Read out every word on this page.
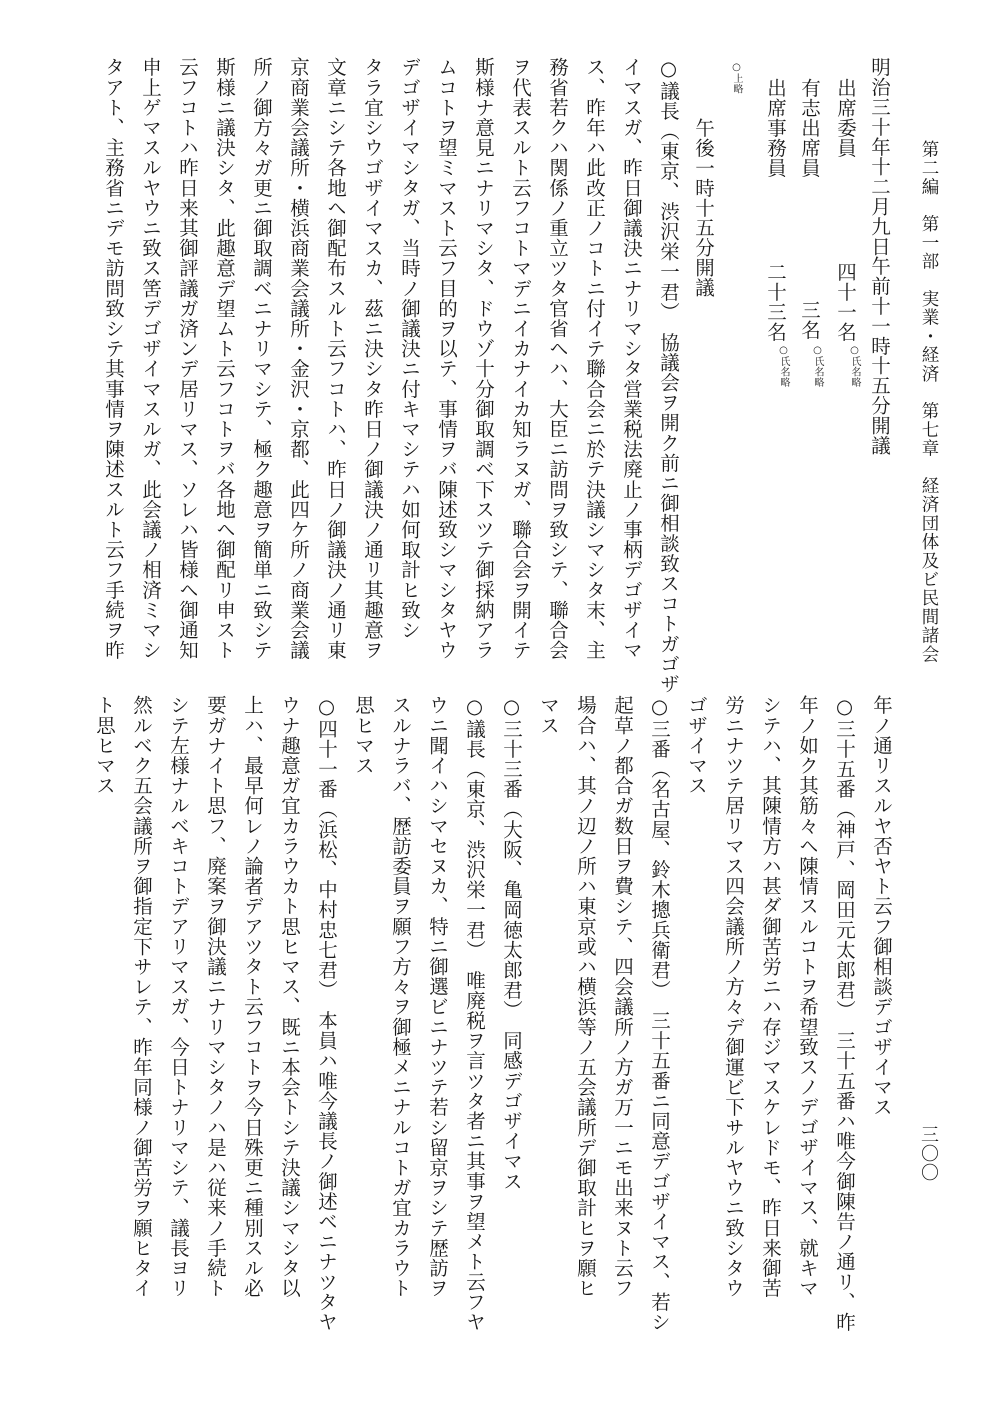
第二編　第一部　実業・経済　第七章　経済団体及ビ民間諸会
三〇〇
明治三十年十二月九日午前十一時十五分開議
出席委員
四十一名
○氏名略
有志出席員
三名
○氏名略
出席事務員
二十三名
○氏名略
○上略
午後一時十五分開議
○議長（東京、渋沢栄一君）　協議会ヲ開ク前ニ御相談致スコトガゴザ
イマスガ、昨日御議決ニナリマシタ営業税法廃止ノ事柄デゴザイマ
ス、昨年ハ此改正ノコトニ付イテ聯合会ニ於テ決議シマシタ末、主
務省若クハ関係ノ重立ツタ官省ヘハ、大臣ニ訪問ヲ致シテ、聯合会
ヲ代表スルト云フコトマデニイカナイカ知ラヌガ、聯合会ヲ開イテ
斯様ナ意見ニナリマシタ、ドウゾ十分御取調ベ下スツテ御採納アラ
ムコトヲ望ミマスト云フ目的ヲ以テ、事情ヲバ陳述致シマシタヤウ
デゴザイマシタガ、当時ノ御議決ニ付キマシテハ如何取計ヒ致シ
タラ宜シウゴザイマスカ、茲ニ決シタ昨日ノ御議決ノ通リ其趣意ヲ
文章ニシテ各地ヘ御配布スルト云フコトハ、昨日ノ御議決ノ通リ東
京商業会議所・横浜商業会議所・金沢・京都、此四ケ所ノ商業会議
所ノ御方々ガ更ニ御取調ベニナリマシテ、極ク趣意ヲ簡単ニ致シテ
斯様ニ議決シタ、此趣意デ望ムト云フコトヲバ各地ヘ御配リ申スト
云フコトハ昨日来其御評議ガ済ンデ居リマス、ソレハ皆様ヘ御通知
申上ゲマスルヤウニ致ス筈デゴザイマスルガ、此会議ノ相済ミマシ
タアト、主務省ニデモ訪問致シテ其事情ヲ陳述スルト云フ手続ヲ昨
年ノ通リスルヤ否ヤト云フ御相談デゴザイマス
○三十五番（神戸、岡田元太郎君）　三十五番ハ唯今御陳告ノ通リ、昨
年ノ如ク其筋々ヘ陳情スルコトヲ希望致スノデゴザイマス、就キマ
シテハ、其陳情方ハ甚ダ御苦労ニハ存ジマスケレドモ、昨日来御苦
労ニナツテ居リマス四会議所ノ方々デ御運ビ下サルヤウニ致シタウ
ゴザイマス
○三番（名古屋、鈴木摠兵衛君）　三十五番ニ同意デゴザイマス、若シ
起草ノ都合ガ数日ヲ費シテ、四会議所ノ方ガ万一ニモ出来ヌト云フ
場合ハ、其ノ辺ノ所ハ東京或ハ横浜等ノ五会議所デ御取計ヒヲ願ヒ
マス
○三十三番（大阪、亀岡徳太郎君）　同感デゴザイマス
○議長（東京、渋沢栄一君）　唯廃税ヲ言ツタ者ニ其事ヲ望メト云フヤ
ウニ聞イハシマセヌカ、特ニ御選ビニナツテ若シ留京ヲシテ歴訪ヲ
スルナラバ、歴訪委員ヲ願フ方々ヲ御極メニナルコトガ宜カラウト
思ヒマス
○四十一番（浜松、中村忠七君）　本員ハ唯今議長ノ御述ベニナツタヤ
ウナ趣意ガ宜カラウカト思ヒマス、既ニ本会トシテ決議シマシタ以
上ハ、最早何レノ論者デアツタト云フコトヲ今日殊更ニ種別スル必
要ガナイト思フ、廃案ヲ御決議ニナリマシタノハ是ハ従来ノ手続ト
シテ左様ナルベキコトデアリマスガ、今日トナリマシテ、議長ヨリ
然ルベク五会議所ヲ御指定下サレテ、昨年同様ノ御苦労ヲ願ヒタイ
ト思ヒマス
